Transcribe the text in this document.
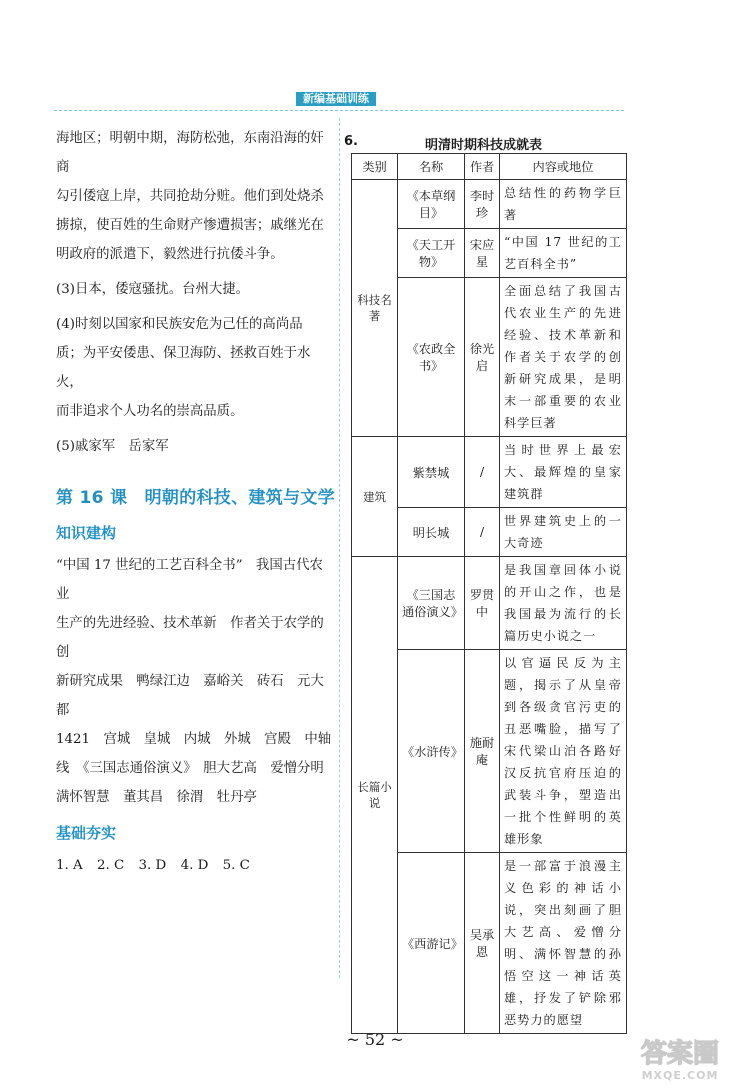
新编基础训练

海地区；明朝中期，海防松弛，东南沿海的奸商

勾引倭寇上岸，共同抢劫分赃。他们到处烧杀

掳掠，使百姓的生命财产惨遭损害；戚继光在

明政府的派遣下，毅然进行抗倭斗争。

(3)日本，倭寇骚扰。台州大捷。

(4)时刻以国家和民族安危为己任的高尚品

质；为平安倭患、保卫海防、拯救百姓于水火，

而非追求个人功名的崇高品质。

(5)戚家军　岳家军

第 16 课　明朝的科技、建筑与文学
知识建构

“中国 17 世纪的工艺百科全书”　我国古代农业

生产的先进经验、技术革新　作者关于农学的创

新研究成果　鸭绿江边　嘉峪关　砖石　元大都

1421　宫城　皇城　内城　外城　宫殿　中轴

线　《三国志通俗演义》　胆大艺高　爱憎分明

满怀智慧　董其昌　徐渭　牡丹亭

基础夯实

1. A 2. C 3. D 4. D 5. C

6.	明清时期科技成就表
类别	名称	作者	内容或地位
科技名著	《本草纲目》	李时珍	总结性的药物学巨著
	《天工开物》	宋应星	“中国 17 世纪的工艺百科全书”
	《农政全书》	徐光启	全面总结了我国古代农业生产的先进经验、技术革新和作者关于农学的创新研究成果，是明末一部重要的农业科学巨著
建筑	紫禁城	/	当时世界上最宏大、最辉煌的皇家建筑群
	明长城	/	世界建筑史上的一大奇迹
长篇小说	《三国志通俗演义》	罗贯中	是我国章回体小说的开山之作，也是我国最为流行的长篇历史小说之一
	《水浒传》	施耐庵	以官逼民反为主题，揭示了从皇帝到各级贪官污吏的丑恶嘴脸，描写了宋代梁山泊各路好汉反抗官府压迫的武装斗争，塑造出一批个性鲜明的英雄形象
	《西游记》	吴承恩	是一部富于浪漫主义色彩的神话小说，突出刻画了胆大艺高、爱憎分明、满怀智慧的孙悟空这一神话英雄，抒发了铲除邪恶势力的愿望
~ 52 ~	答案圈
MXQE.COM
